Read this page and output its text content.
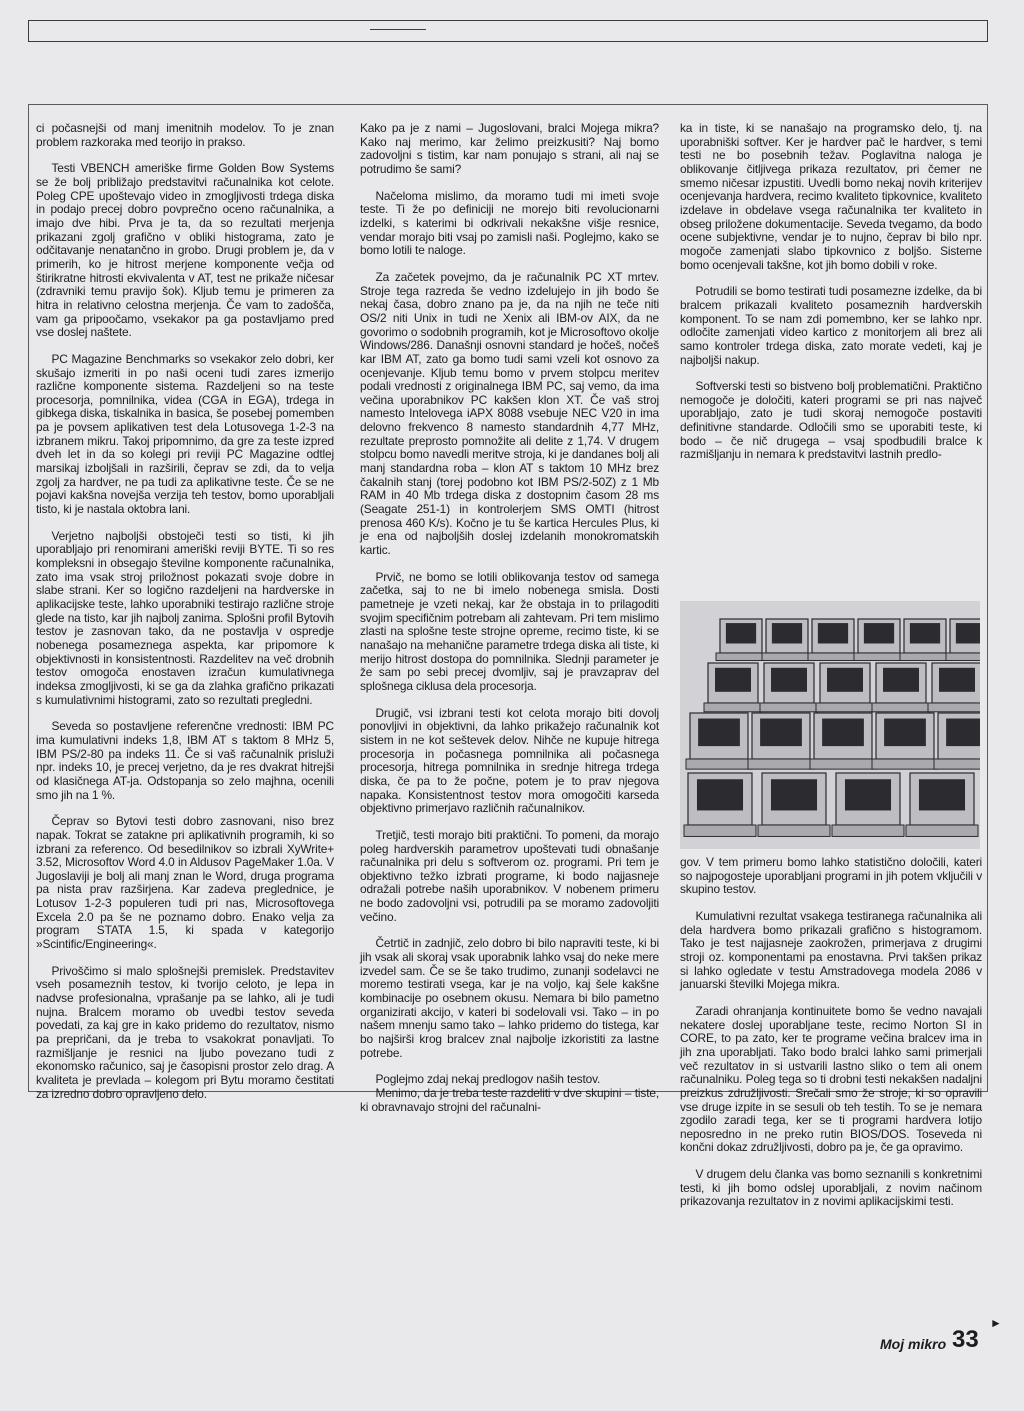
ci počasnejši od manj imenitnih modelov. To je znan problem razkoraka med teorijo in prakso.

Testi VBENCH ameriške firme Golden Bow Systems se že bolj približajo predstavitvi računalnika kot celote. Poleg CPE upoštevajo video in zmogljivosti trdega diska in podajo precej dobro povprečno oceno računalnika, a imajo dve hibi. Prva je ta, da so rezultati merjenja prikazani zgolj grafično v obliki histograma, zato je odčitavanje nenatančno in grobo. Drugi problem je, da v primerih, ko je hitrost merjene komponente večja od štirikratne hitrosti ekvivalenta v AT, test ne prikaže ničesar (zdravniki temu pravijo šok). Kljub temu je primeren za hitra in relativno celostna merjenja. Če vam to zadošča, vam ga pripoočamo, vsekakor pa ga postavljamo pred vse doslej naštete.

PC Magazine Benchmarks so vsekakor zelo dobri, ker skušajo izmeriti in po naši oceni tudi zares izmerijo različne komponente sistema. Razdeljeni so na teste procesorja, pomnilnika, videa (CGA in EGA), trdega in gibkega diska, tiskalnika in basica, še posebej pomemben pa je povsem aplikativen test dela Lotusovega 1-2-3 na izbranem mikru. Takoj pripomnimo, da gre za teste izpred dveh let in da so kolegi pri reviji PC Magazine odtlej marsikaj izboljšali in razširili, čeprav se zdi, da to velja zgolj za hardver, ne pa tudi za aplikativne teste. Če se ne pojavi kakšna novejša verzija teh testov, bomo uporabljali tisto, ki je nastala oktobra lani.

Verjetno najboljši obstoječi testi so tisti, ki jih uporabljajo pri renomirani ameriški reviji BYTE. Ti so res kompleksni in obsegajo številne komponente računalnika, zato ima vsak stroj priložnost pokazati svoje dobre in slabe strani. Ker so logično razdeljeni na hardverske in aplikacijske teste, lahko uporabniki testirajo različne stroje glede na tisto, kar jih najbolj zanima. Splošni profil Bytovih testov je zasnovan tako, da ne postavlja v ospredje nobenega posameznega aspekta, kar pripomore k objektivnosti in konsistentnosti. Razdelitev na več drobnih testov omogoča enostaven izračun kumulativnega indeksa zmogljivosti, ki se ga da zlahka grafično prikazati s kumulativnimi histogrami, zato so rezultati pregledni.

Seveda so postavljene referenčne vrednosti: IBM PC ima kumulativni indeks 1,8, IBM AT s taktom 8 MHz 5, IBM PS/2-80 pa indeks 11. Če si vaš računalnik prisluži npr. indeks 10, je precej verjetno, da je res dvakrat hitrejši od klasičnega AT-ja. Odstopanja so zelo majhna, ocenili smo jih na 1 %.

Čeprav so Bytovi testi dobro zasnovani, niso brez napak. Tokrat se zatakne pri aplikativnih programih, ki so izbrani za referenco. Od besedilnikov so izbrali XyWrite+ 3.52, Microsoftov Word 4.0 in Aldusov PageMaker 1.0a. V Jugoslaviji je bolj ali manj znan le Word, druga programa pa nista prav razširjena. Kar zadeva preglednice, je Lotusov 1-2-3 populeren tudi pri nas, Microsoftovega Excela 2.0 pa še ne poznamo dobro. Enako velja za program STATA 1.5, ki spada v kategorijo »Scintific/Engineering«.

Privoščimo si malo splošnejši premislek. Predstavitev vseh posameznih testov, ki tvorijo celoto, je lepa in nadvse profesionalna, vprašanje pa se lahko, ali je tudi nujna. Bralcem moramo ob uvedbi testov seveda povedati, za kaj gre in kako pridemo do rezultatov, nismo pa prepričani, da je treba to vsakokrat ponavljati. To razmišljanje je resnici na ljubo povezano tudi z ekonomsko računico, saj je časopisni prostor zelo drag. A kvaliteta je prevlada – kolegom pri Bytu moramo čestitati za izredno dobro opravljeno delo.

Kako pa je z nami – Jugoslovani, bralci Mojega mikra? Kako naj merimo, kar želimo preizkusiti? Naj bomo zadovoljni s tistim, kar nam ponujajo s strani, ali naj se potrudimo še sami?

Načeloma mislimo, da moramo tudi mi imeti svoje teste. Ti že po definiciji ne morejo biti revolucionarni izdelki, s katerimi bi odkrivali nekakšne višje resnice, vendar morajo biti vsaj po zamisli naši. Poglejmo, kako se bomo lotili te naloge.

Za začetek povejmo, da je računalnik PC XT mrtev. Stroje tega razreda še vedno izdelujejo in jih bodo še nekaj časa, dobro znano pa je, da na njih ne teče niti OS/2 niti Unix in tudi ne Xenix ali IBM-ov AIX, da ne govorimo o sodobnih programih, kot je Microsoftovo okolje Windows/286. Današnji osnovni standard je hočeš, nočeš kar IBM AT, zato ga bomo tudi sami vzeli kot osnovo za ocenjevanje. Kljub temu bomo v prvem stolpcu meritev podali vrednosti z originalnega IBM PC, saj vemo, da ima večina uporabnikov PC kakšen klon XT. Če vaš stroj namesto Intelovega iAPX 8088 vsebuje NEC V20 in ima delovno frekvenco 8 namesto standardnih 4,77 MHz, rezultate preprosto pomnožite ali delite z 1,74. V drugem stolpcu bomo navedli meritve stroja, ki je dandanes bolj ali manj standardna roba – klon AT s taktom 10 MHz brez čakalnih stanj (torej podobno kot IBM PS/2-50Z) z 1 Mb RAM in 40 Mb trdega diska z dostopnim časom 28 ms (Seagate 251-1) in kontrolerjem SMS OMTI (hitrost prenosa 460 K/s). Kočno je tu še kartica Hercules Plus, ki je ena od najboljših doslej izdelanih monokromatskih kartic.

Prvič, ne bomo se lotili oblikovanja testov od samega začetka, saj to ne bi imelo nobenega smisla. Dosti pametneje je vzeti nekaj, kar že obstaja in to prilagoditi svojim specifičnim potrebam ali zahtevam. Pri tem mislimo zlasti na splošne teste strojne opreme, recimo tiste, ki se nanašajo na mehanične parametre trdega diska ali tiste, ki merijo hitrost dostopa do pomnilnika. Slednji parameter je že sam po sebi precej dvomljiv, saj je pravzaprav del splošnega ciklusa dela procesorja.

Drugič, vsi izbrani testi kot celota morajo biti dovolj ponovljivi in objektivni, da lahko prikažejo računalnik kot sistem in ne kot seštevek delov. Nihče ne kupuje hitrega procesorja in počasnega pomnilnika ali počasnega procesorja, hitrega pomnilnika in srednje hitrega trdega diska, če pa to že počne, potem je to prav njegova napaka. Konsistentnost testov mora omogočiti karseda objektivno primerjavo različnih računalnikov.

Tretjič, testi morajo biti praktični. To pomeni, da morajo poleg hardverskih parametrov upoštevati tudi obnašanje računalnika pri delu s softverom oz. programi. Pri tem je objektivno težko izbrati programe, ki bodo najjasneje odražali potrebe naših uporabnikov. V nobenem primeru ne bodo zadovoljni vsi, potrudili pa se moramo zadovoljiti večino.

Četrtič in zadnjič, zelo dobro bi bilo napraviti teste, ki bi jih vsak ali skoraj vsak uporabnik lahko vsaj do neke mere izvedel sam. Če se še tako trudimo, zunanji sodelavci ne moremo testirati vsega, kar je na voljo, kaj šele kakšne kombinacije po osebnem okusu. Nemara bi bilo pametno organizirati akcijo, v kateri bi sodelovali vsi. Tako – in po našem mnenju samo tako – lahko pridemo do tistega, kar bo najširši krog bralcev znal najbolje izkoristiti za lastne potrebe.

Poglejmo zdaj nekaj predlogov naših testov.

Menimo, da je treba teste razdeliti v dve skupini – tiste, ki obravnavajo strojni del računalni-

ka in tiste, ki se nanašajo na programsko delo, tj. na uporabniški softver. Ker je hardver pač le hardver, s temi testi ne bo posebnih težav. Poglavitna naloga je oblikovanje čitljivega prikaza rezultatov, pri čemer ne smemo ničesar izpustiti. Uvedli bomo nekaj novih kriterijev ocenjevanja hardvera, recimo kvaliteto tipkovnice, kvaliteto izdelave in obdelave vsega računalnika ter kvaliteto in obseg priložene dokumentacije. Seveda tvegamo, da bodo ocene subjektivne, vendar je to nujno, čeprav bi bilo npr. mogoče zamenjati slabo tipkovnico z boljšo. Sisteme bomo ocenjevali takšne, kot jih bomo dobili v roke.

Potrudili se bomo testirati tudi posamezne izdelke, da bi bralcem prikazali kvaliteto posameznih hardverskih komponent. To se nam zdi pomembno, ker se lahko npr. odločite zamenjati video kartico z monitorjem ali brez ali samo kontroler trdega diska, zato morate vedeti, kaj je najboljši nakup.

Softverski testi so bistveno bolj problematični. Praktično nemogoče je določiti, kateri programi se pri nas največ uporabljajo, zato je tudi skoraj nemogoče postaviti definitivne standarde. Odločili smo se uporabiti teste, ki bodo – če nič drugega – vsaj spodbudili bralce k razmišljanju in nemara k predstavitvi lastnih predlo-

gov. V tem primeru bomo lahko statistično določili, kateri so najpogosteje uporabljani programi in jih potem vključili v skupino testov.

Kumulativni rezultat vsakega testiranega računalnika ali dela hardvera bomo prikazali grafično s histogramom. Tako je test najjasneje zaokrožen, primerjava z drugimi stroji oz. komponentami pa enostavna. Prvi takšen prikaz si lahko ogledate v testu Amstradovega modela 2086 v januarski številki Mojega mikra.

Zaradi ohranjanja kontinuitete bomo še vedno navajali nekatere doslej uporabljane teste, recimo Norton SI in CORE, to pa zato, ker te programe večina bralcev ima in jih zna uporabljati. Tako bodo bralci lahko sami primerjali več rezultatov in si ustvarili lastno sliko o tem ali onem računalniku. Poleg tega so ti drobni testi nekakšen nadaljni preizkus združljivosti. Srečali smo že stroje, ki so opravili vse druge izpite in se sesuli ob teh testih. To se je nemara zgodilo zaradi tega, ker se ti programi hardvera lotijo neposredno in ne preko rutin BIOS/DOS. Toseveda ni končni dokaz združljivosti, dobro pa je, če ga opravimo.

V drugem delu članka vas bomo seznanili s konkretnimi testi, ki jih bomo odslej uporabljali, z novim načinom prikazovanja rezultatov in z novimi aplikacijskimi testi.

►
Moj mikro 33
